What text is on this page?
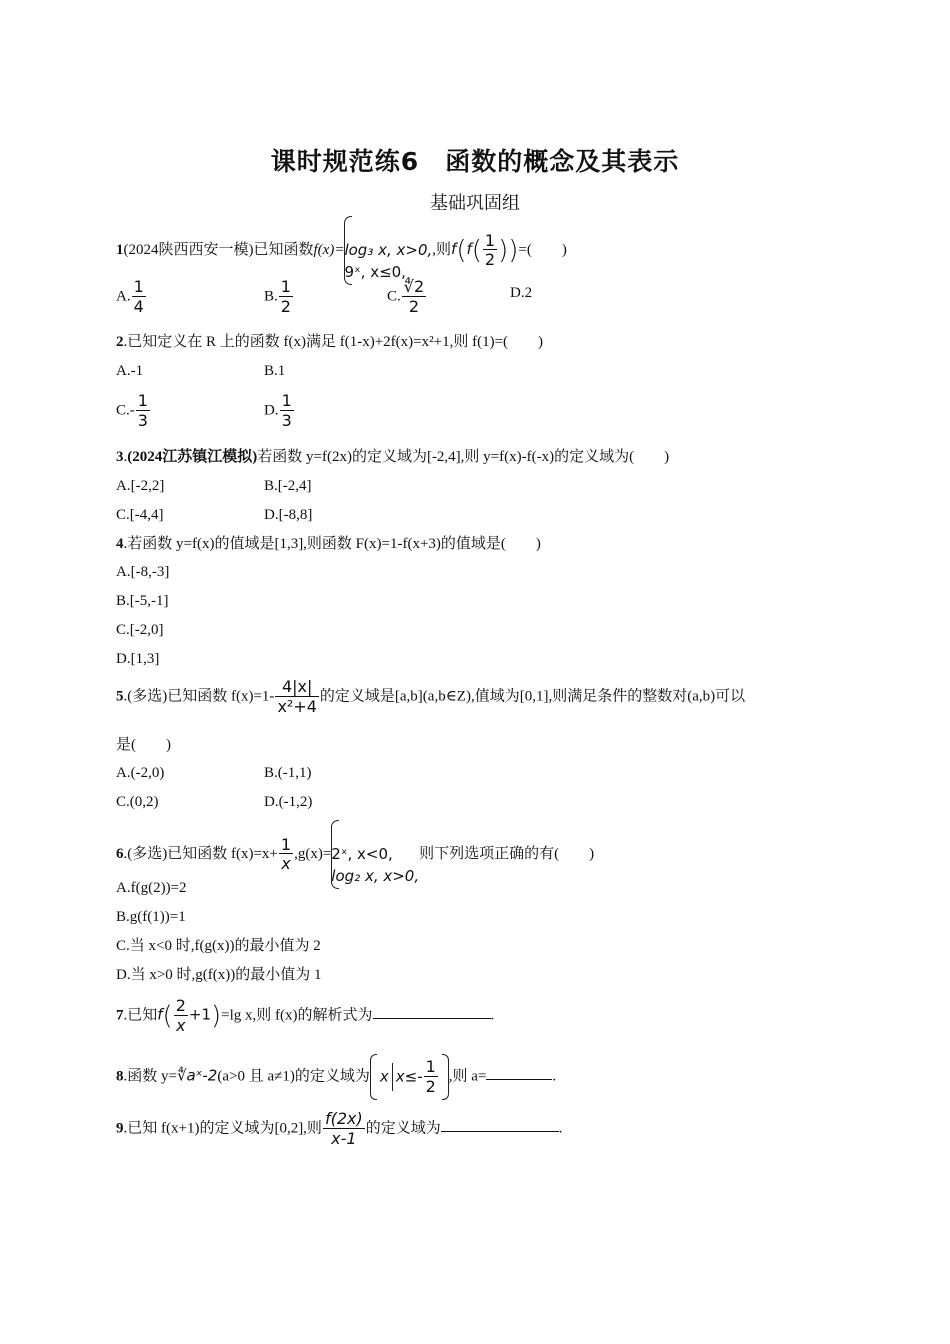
课时规范练6　函数的概念及其表示
基础巩固组
1(2024陕西西安一模)已知函数f(x)= log₃ x, x>0,
9ˣ, x≤0,
,则$f(f( \frac{1}{2}$ ))=(　　)
A. $\frac{1}{4}$	B. $\frac{1}{2}$	C. $\frac{∜2}{2}$	D.2
2.已知定义在 R 上的函数 f(x)满足 f(1-x)+2f(x)=x²+1,则 f(1)=(　　)
A.-1	B.1
$C.- \frac{1}{3}$	D. $\frac{1}{3}$
3.(2024江苏镇江模拟)若函数 y=f(2x)的定义域为[-2,4],则 y=f(x)-f(-x)的定义域为(　　)
A.[-2,2]	B.[-2,4]
C.[-4,4]	D.[-8,8]
4.若函数 y=f(x)的值域是[1,3],则函数 F(x)=1-f(x+3)的值域是(　　)
A.[-8,-3]
B.[-5,-1]
C.[-2,0]
D.[1,3]
5.(多选)已知函数 $f(x)=1- \frac{4|x|}{\text{x²+4}}$ 的定义域是[a,b](a,b∈Z),值域为[0,1],则满足条件的整数对(a,b)可以
是(　　)
A.(-2,0)	B.(-1,1)
C.(0,2)	D.(-1,2)
6.(多选)已知函数 $f(x)=x+ \frac{1}{x} ,g(x)=$ 2ˣ, x<0,
log₂ x, x>0,
则下列选项正确的有(　　)
A.f(g(2))=2
B.g(f(1))=1
C.当 x<0 时,f(g(x))的最小值为 2
D.当 x>0 时,g(f(x))的最小值为 1
7.已知$f( \frac{2}{x} +1)=\lg$ x,则 f(x)的解析式为	.
8.函数 y=∜aˣ-2(a>0 且 a≠1)的定义域为 x $x\le- \frac{1}{2}$ ,则 a=	.
9.已知 f(x+1)的定义域为[0,2],则 $\frac{f(2x)}{x-1}$ 的定义域为	.
